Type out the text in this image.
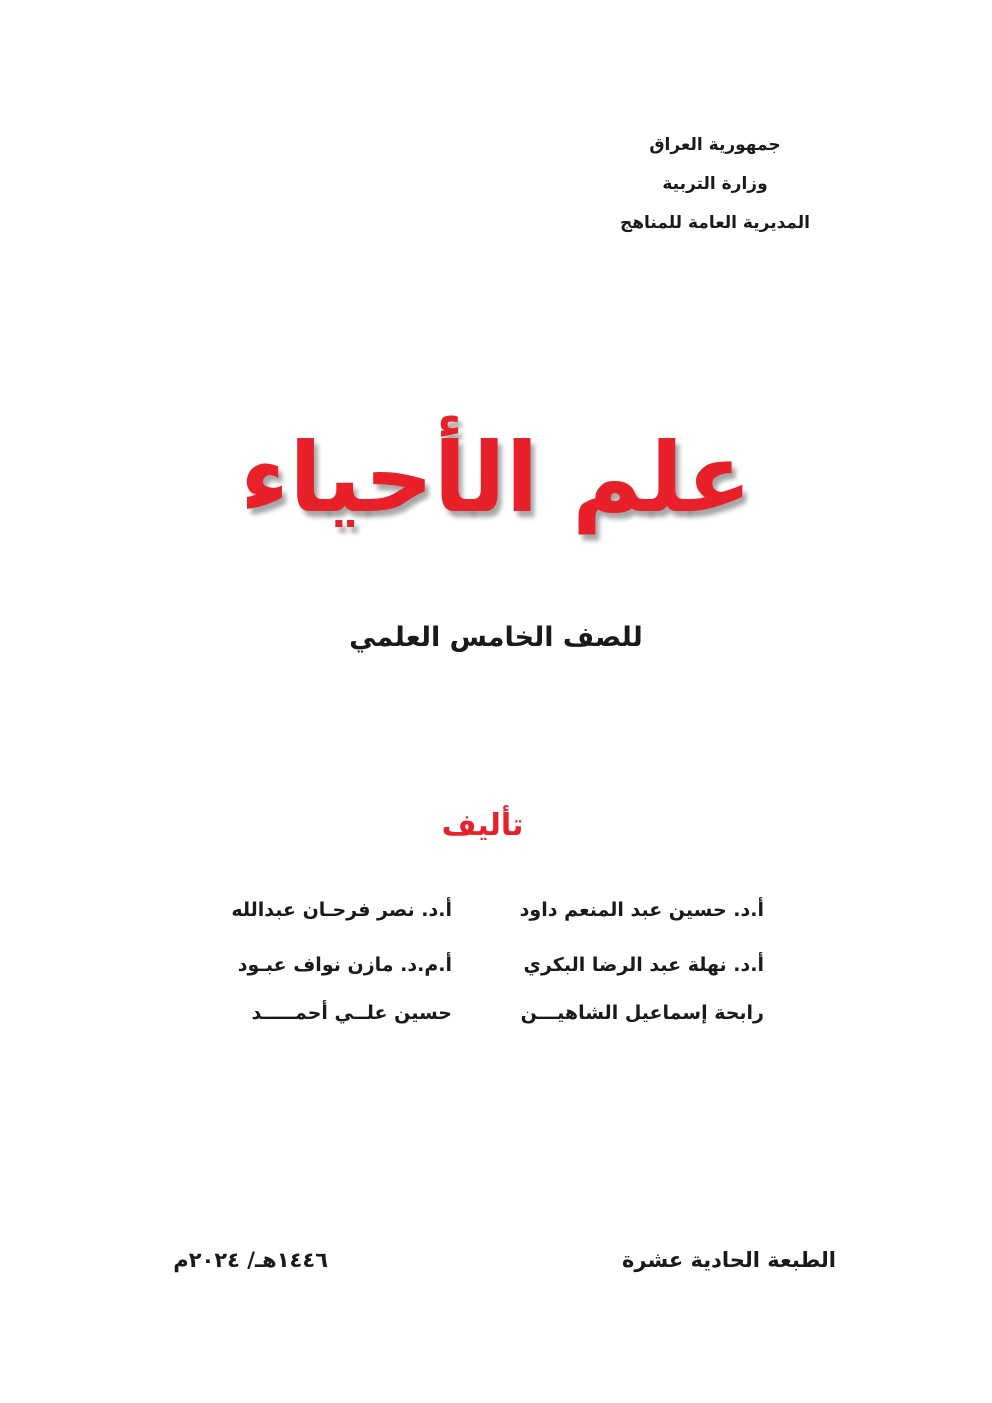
جمهورية العراق
وزارة التربية
المديرية العامة للمناهج
علم الأحياء
للصف الخامس العلمي
تأليف
أ.د. حسين عبد المنعم داود
أ.د. نصر فرحـان عبدالله
أ.د. نهلة عبد الرضا البكري
أ.م.د. مازن نواف عبـود
رابحة إسماعيل الشاهيـــن
حسين علــي أحمـــــد
الطبعة الحادية عشرة
١٤٤٦هـ/ ٢٠٢٤م
